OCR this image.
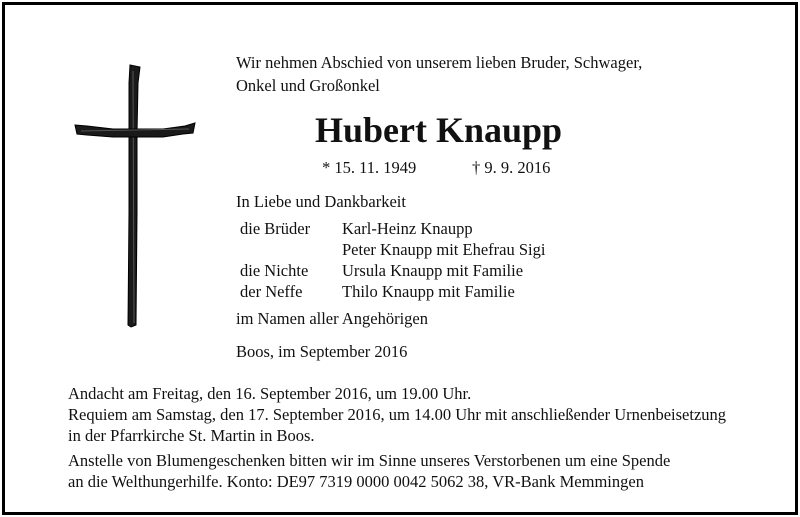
Wir nehmen Abschied von unserem lieben Bruder, Schwager,
Onkel und Großonkel
Hubert Knaupp
* 15. 11. 1949	† 9. 9. 2016
In Liebe und Dankbarkeit
die Brüder Karl-Heinz Knaupp
Peter Knaupp mit Ehefrau Sigi
die Nichte Ursula Knaupp mit Familie
der Neffe Thilo Knaupp mit Familie
im Namen aller Angehörigen
Boos, im September 2016
Andacht am Freitag, den 16. September 2016, um 19.00 Uhr.
Requiem am Samstag, den 17. September 2016, um 14.00 Uhr mit anschließender Urnenbeisetzung
in der Pfarrkirche St. Martin in Boos.
Anstelle von Blumengeschenken bitten wir im Sinne unseres Verstorbenen um eine Spende
an die Welthungerhilfe. Konto: DE97 7319 0000 0042 5062 38, VR-Bank Memmingen
